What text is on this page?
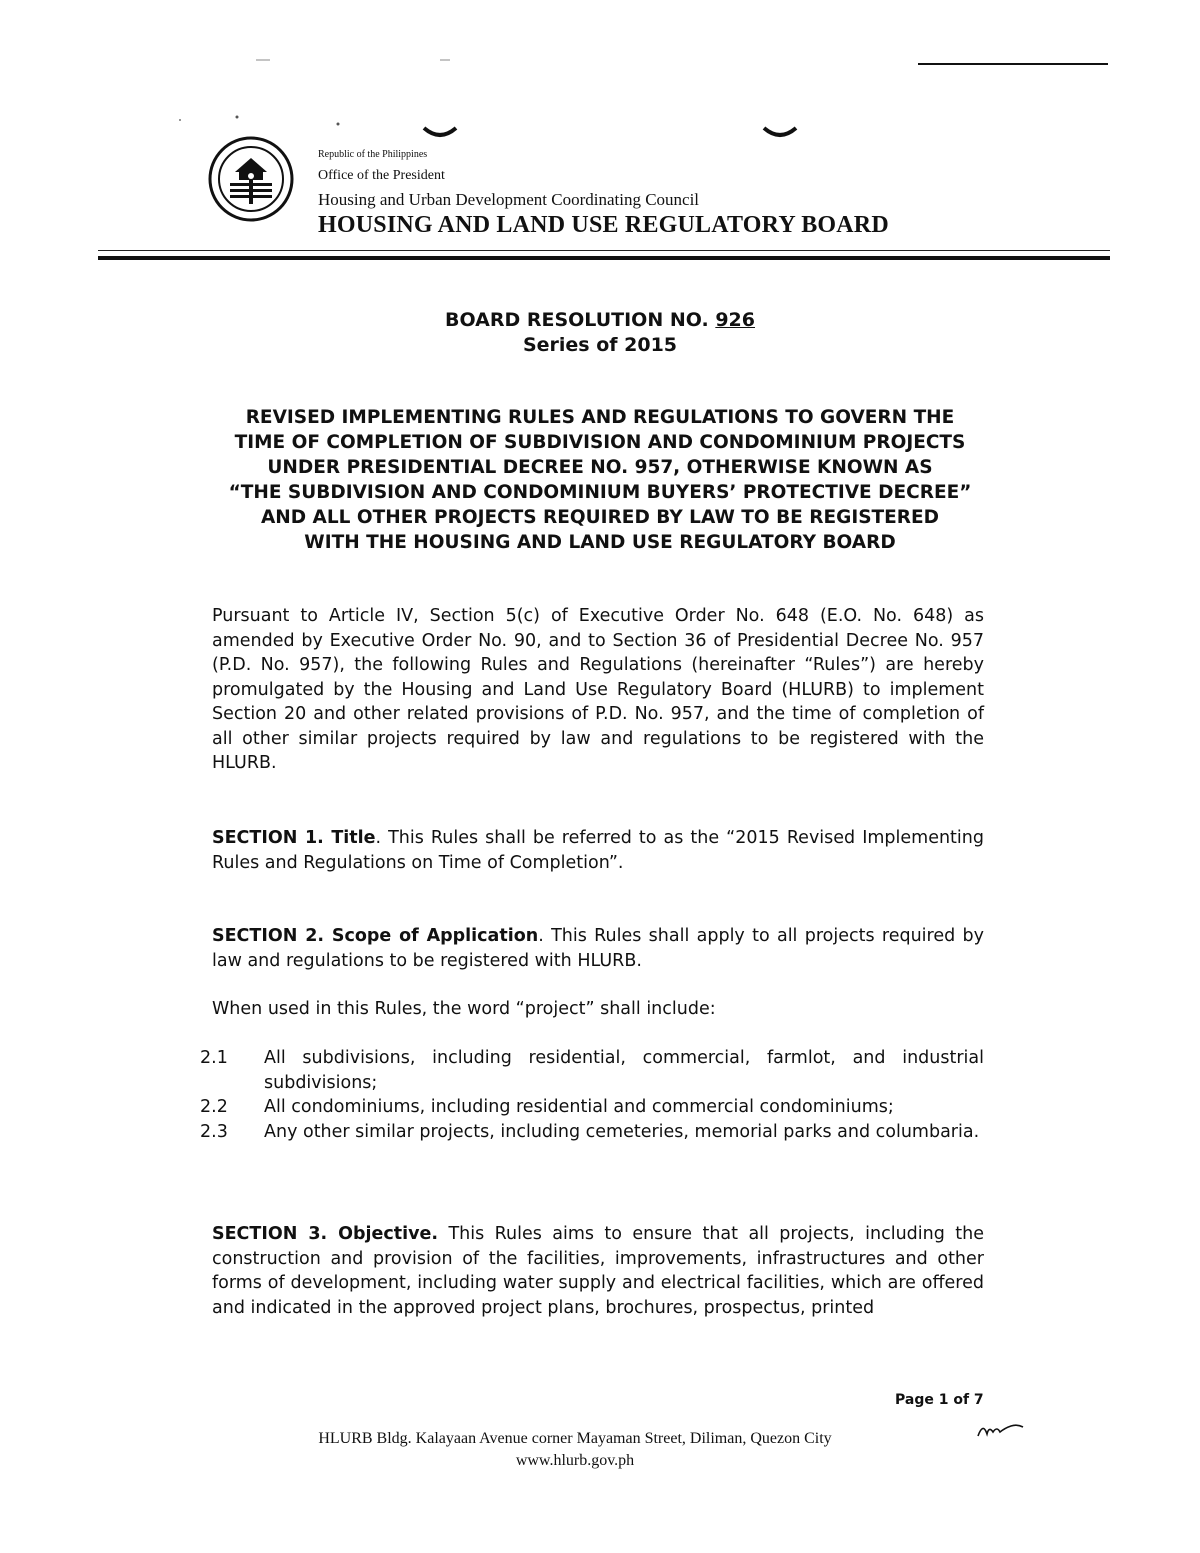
Republic of the Philippines
Office of the President
Housing and Urban Development Coordinating Council
HOUSING AND LAND USE REGULATORY BOARD
BOARD RESOLUTION NO. 926
Series of 2015
REVISED IMPLEMENTING RULES AND REGULATIONS TO GOVERN THE
TIME OF COMPLETION OF SUBDIVISION AND CONDOMINIUM PROJECTS
UNDER PRESIDENTIAL DECREE NO. 957, OTHERWISE KNOWN AS
“THE SUBDIVISION AND CONDOMINIUM BUYERS’ PROTECTIVE DECREE”
AND ALL OTHER PROJECTS REQUIRED BY LAW TO BE REGISTERED
WITH THE HOUSING AND LAND USE REGULATORY BOARD
Pursuant to Article IV, Section 5(c) of Executive Order No. 648 (E.O. No. 648) as amended by Executive Order No. 90, and to Section 36 of Presidential Decree No. 957 (P.D. No. 957), the following Rules and Regulations (hereinafter “Rules”) are hereby promulgated by the Housing and Land Use Regulatory Board (HLURB) to implement Section 20 and other related provisions of P.D. No. 957, and the time of completion of all other similar projects required by law and regulations to be registered with the HLURB.
SECTION 1. Title. This Rules shall be referred to as the “2015 Revised Implementing Rules and Regulations on Time of Completion”.
SECTION 2. Scope of Application. This Rules shall apply to all projects required by law and regulations to be registered with HLURB.
When used in this Rules, the word “project” shall include:
2.1	All subdivisions, including residential, commercial, farmlot, and industrial subdivisions;
2.2	All condominiums, including residential and commercial condominiums;
2.3	Any other similar projects, including cemeteries, memorial parks and columbaria.
SECTION 3. Objective. This Rules aims to ensure that all projects, including the construction and provision of the facilities, improvements, infrastructures and other forms of development, including water supply and electrical facilities, which are offered and indicated in the approved project plans, brochures, prospectus, printed
Page 1 of 7
HLURB Bldg. Kalayaan Avenue corner Mayaman Street, Diliman, Quezon City
www.hlurb.gov.ph
